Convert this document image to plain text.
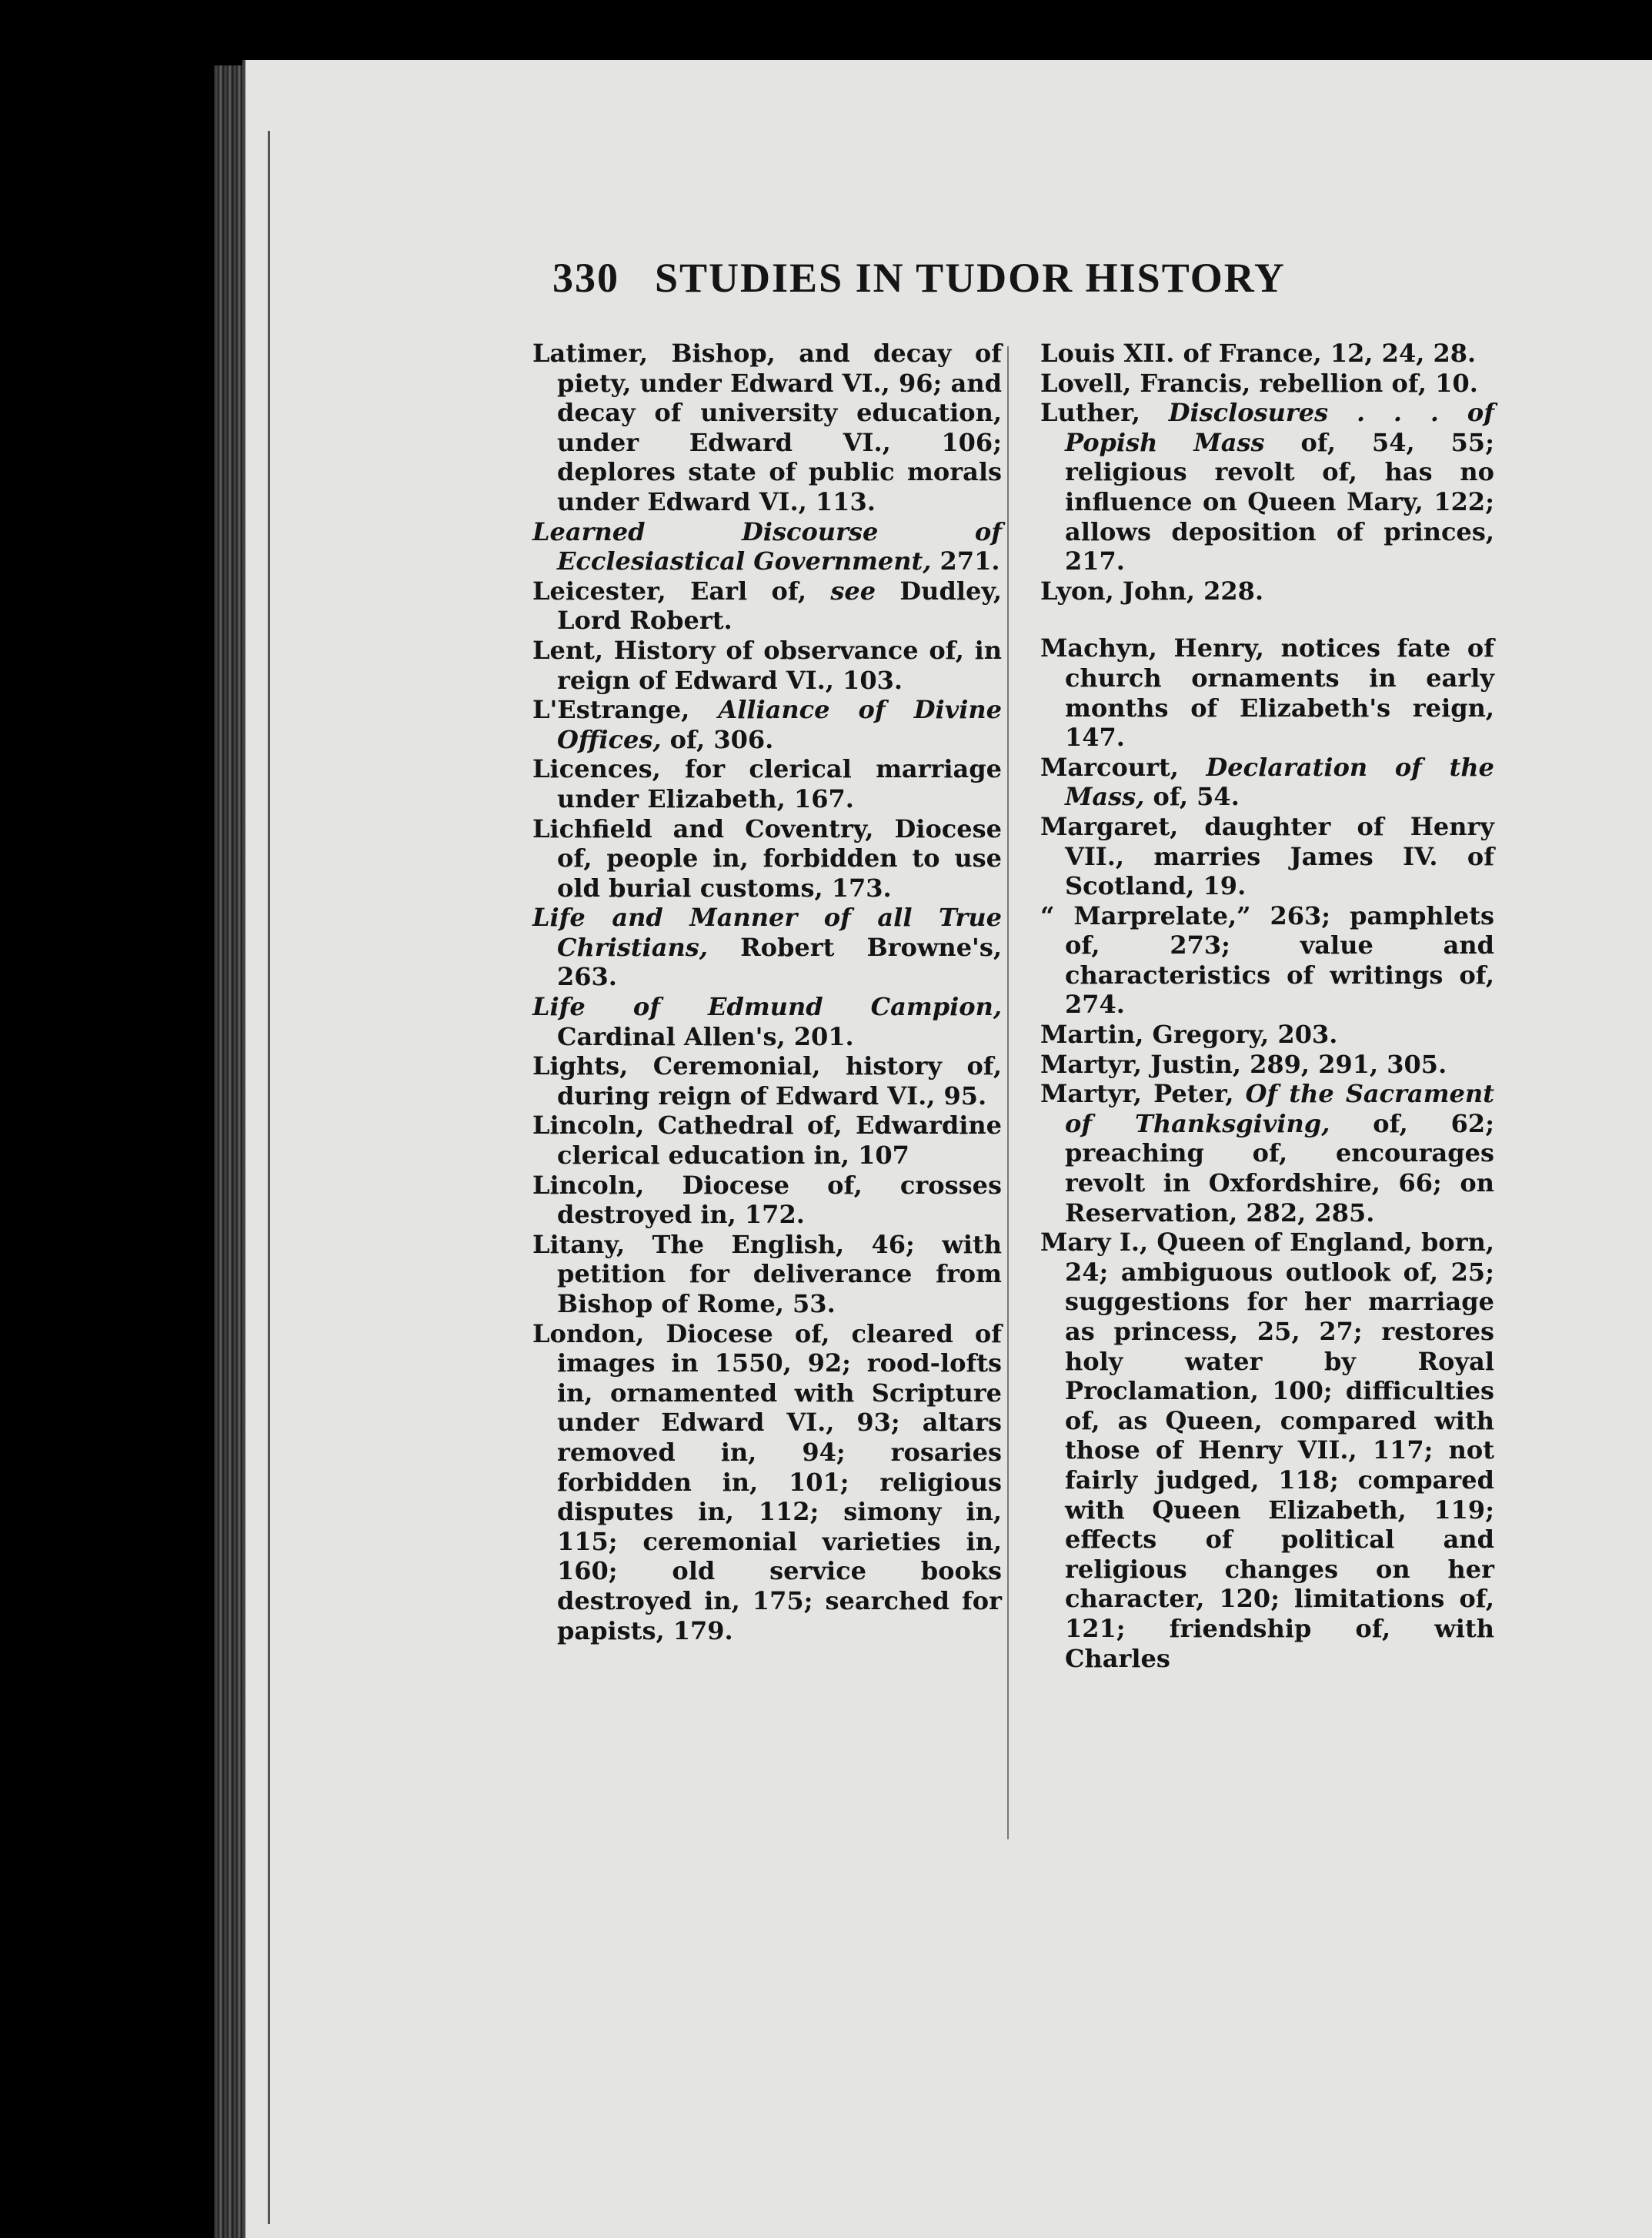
330 STUDIES IN TUDOR HISTORY

Latimer, Bishop, and decay of piety, under Edward VI., 96; and decay of university education, under Edward VI., 106; deplores state of public morals under Edward VI., 113.

Learned Discourse of Ecclesiastical Government, 271.

Leicester, Earl of, see Dudley, Lord Robert.

Lent, History of observance of, in reign of Edward VI., 103.

L'Estrange, Alliance of Divine Offices, of, 306.

Licences, for clerical marriage under Elizabeth, 167.

Lichfield and Coventry, Diocese of, people in, forbidden to use old burial customs, 173.

Life and Manner of all True Christians, Robert Browne's, 263.

Life of Edmund Campion, Cardinal Allen's, 201.

Lights, Ceremonial, history of, during reign of Edward VI., 95.

Lincoln, Cathedral of, Edwardine clerical education in, 107

Lincoln, Diocese of, crosses destroyed in, 172.

Litany, The English, 46; with petition for deliverance from Bishop of Rome, 53.

London, Diocese of, cleared of images in 1550, 92; rood-lofts in, ornamented with Scripture under Edward VI., 93; altars removed in, 94; rosaries forbidden in, 101; religious disputes in, 112; simony in, 115; ceremonial varieties in, 160; old service books destroyed in, 175; searched for papists, 179.

Louis XII. of France, 12, 24, 28.

Lovell, Francis, rebellion of, 10.

Luther, Disclosures . . . of Popish Mass of, 54, 55; religious revolt of, has no influence on Queen Mary, 122; allows deposition of princes, 217.

Lyon, John, 228.

Machyn, Henry, notices fate of church ornaments in early months of Elizabeth's reign, 147.

Marcourt, Declaration of the Mass, of, 54.

Margaret, daughter of Henry VII., marries James IV. of Scotland, 19.

“ Marprelate,” 263; pamphlets of, 273; value and characteristics of writings of, 274.

Martin, Gregory, 203.

Martyr, Justin, 289, 291, 305.

Martyr, Peter, Of the Sacrament of Thanksgiving, of, 62; preaching of, encourages revolt in Oxfordshire, 66; on Reservation, 282, 285.

Mary I., Queen of England, born, 24; ambiguous outlook of, 25; suggestions for her marriage as princess, 25, 27; restores holy water by Royal Proclamation, 100; difficulties of, as Queen, compared with those of Henry VII., 117; not fairly judged, 118; compared with Queen Elizabeth, 119; effects of political and religious changes on her character, 120; limitations of, 121; friendship of, with Charles
